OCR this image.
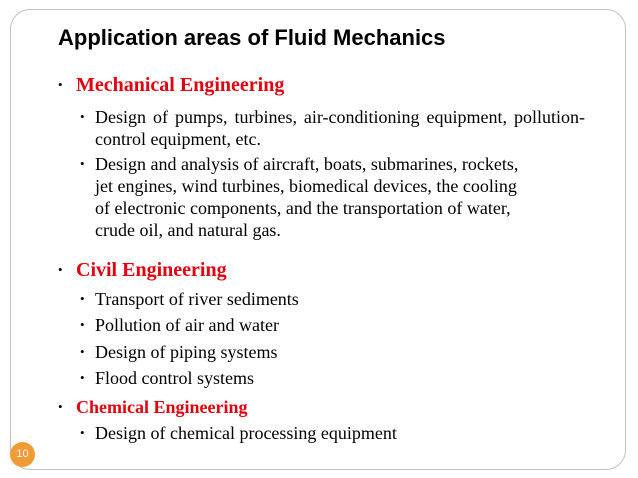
Application areas of Fluid Mechanics
• Mechanical Engineering
• Design of pumps, turbines, air-conditioning equipment, pollution-control equipment, etc.
• Design and analysis of aircraft, boats, submarines, rockets, jet engines, wind turbines, biomedical devices, the cooling of electronic components, and the transportation of water, crude oil, and natural gas.
• Civil Engineering
• Transport of river sediments
• Pollution of air and water
• Design of piping systems
• Flood control systems
• Chemical Engineering
• Design of chemical processing equipment
10
